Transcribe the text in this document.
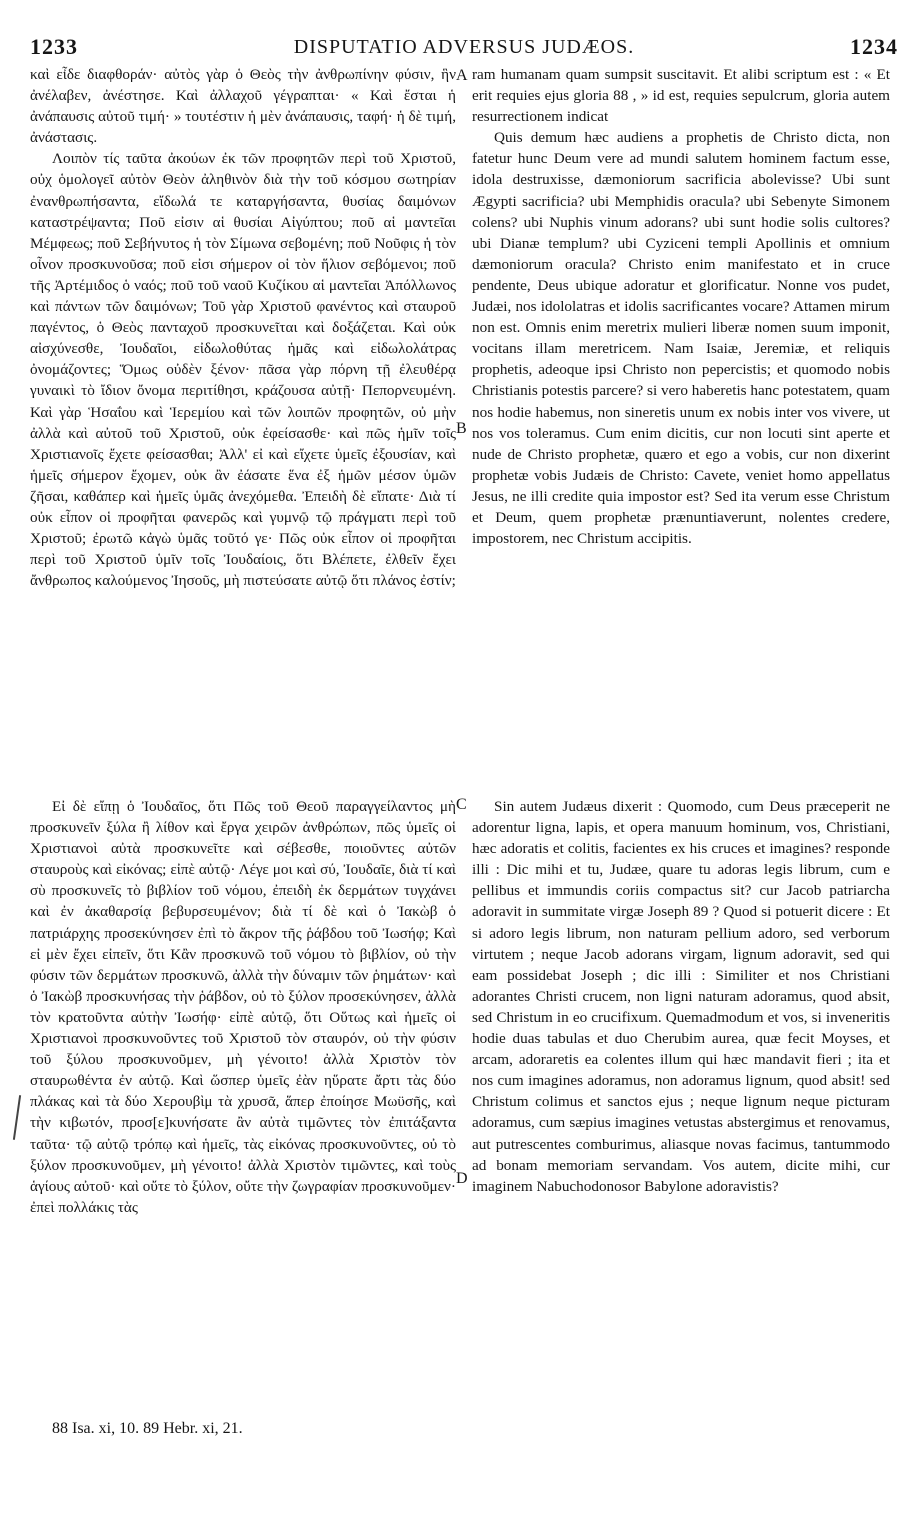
1233	DISPUTATIO ADVERSUS JUDÆOS.	1234

καὶ εἶδε διαφθοράν· αὐτὸς γὰρ ὁ Θεὸς τὴν ἀνθρωπίνην φύσιν, ἣν ἀνέλαβεν, ἀνέστησε. Καὶ ἀλλαχοῦ γέγραπται· « Καὶ ἔσται ἡ ἀνάπαυσις αὐτοῦ τιμή· » τουτέστιν ἡ μὲν ἀνάπαυσις, ταφή· ἡ δὲ τιμή, ἀνάστασις.

Λοιπὸν τίς ταῦτα ἀκούων ἐκ τῶν προφητῶν περὶ τοῦ Χριστοῦ, οὐχ ὁμολογεῖ αὐτὸν Θεὸν ἀληθινὸν διὰ τὴν τοῦ κόσμου σωτηρίαν ἐνανθρωπήσαντα, εἴδωλά τε καταργήσαντα, θυσίας δαιμόνων καταστρέψαντα; Ποῦ εἰσιν αἱ θυσίαι Αἰγύπτου; ποῦ αἱ μαντεῖαι Μέμφεως; ποῦ Σεβήνυτος ἡ τὸν Σίμωνα σεβομένη; ποῦ Νοῦφις ἡ τὸν οἶνον προσκυνοῦσα; ποῦ εἰσι σήμερον οἱ τὸν ἥλιον σεβόμενοι; ποῦ τῆς Ἀρτέμιδος ὁ ναός; ποῦ τοῦ ναοῦ Κυζίκου αἱ μαντεῖαι Ἀπόλλωνος καὶ πάντων τῶν δαιμόνων; Τοῦ γὰρ Χριστοῦ φανέντος καὶ σταυροῦ παγέντος, ὁ Θεὸς πανταχοῦ προσκυνεῖται καὶ δοξάζεται. Καὶ οὐκ αἰσχύνεσθε, Ἰουδαῖοι, εἰδωλοθύτας ἡμᾶς καὶ εἰδωλολάτρας ὀνομάζοντες; Ὅμως οὐδὲν ξένον· πᾶσα γὰρ πόρνη τῇ ἐλευθέρᾳ γυναικὶ τὸ ἴδιον ὄνομα περιτίθησι, κράζουσα αὐτῇ· Πεπορνευμένη. Καὶ γὰρ Ἡσαΐου καὶ Ἱερεμίου καὶ τῶν λοιπῶν προφητῶν, οὐ μὴν ἀλλὰ καὶ αὐτοῦ τοῦ Χριστοῦ, οὐκ ἐφείσασθε· καὶ πῶς ἡμῖν τοῖς Χριστιανοῖς ἔχετε φείσασθαι; Ἀλλ' εἰ καὶ εἴχετε ὑμεῖς ἐξουσίαν, καὶ ἡμεῖς σήμερον ἔχομεν, οὐκ ἂν ἐάσατε ἕνα ἐξ ἡμῶν μέσον ὑμῶν ζῆσαι, καθάπερ καὶ ἡμεῖς ὑμᾶς ἀνεχόμεθα. Ἐπειδὴ δὲ εἴπατε· Διὰ τί οὐκ εἶπον οἱ προφῆται φανερῶς καὶ γυμνῷ τῷ πράγματι περὶ τοῦ Χριστοῦ; ἐρωτῶ κἀγὼ ὑμᾶς τοῦτό γε· Πῶς οὐκ εἶπον οἱ προφῆται περὶ τοῦ Χριστοῦ ὑμῖν τοῖς Ἰουδαίοις, ὅτι Βλέπετε, ἐλθεῖν ἔχει ἄνθρωπος καλούμενος Ἰησοῦς, μὴ πιστεύσατε αὐτῷ ὅτι πλάνος ἐστίν;

ram humanam quam sumpsit suscitavit. Et alibi scriptum est : « Et erit requies ejus gloria 88 , » id est, requies sepulcrum, gloria autem resurrectionem indicat

Quis demum hæc audiens a prophetis de Christo dicta, non fatetur hunc Deum vere ad mundi salutem hominem factum esse, idola destruxisse, dæmoniorum sacrificia abolevisse? Ubi sunt Ægypti sacrificia? ubi Memphidis oracula? ubi Sebenyte Simonem colens? ubi Nuphis vinum adorans? ubi sunt hodie solis cultores? ubi Dianæ templum? ubi Cyziceni templi Apollinis et omnium dæmoniorum oracula? Christo enim manifestato et in cruce pendente, Deus ubique adoratur et glorificatur. Nonne vos pudet, Judæi, nos idololatras et idolis sacrificantes vocare? Attamen mirum non est. Omnis enim meretrix mulieri liberæ nomen suum imponit, vocitans illam meretricem. Nam Isaiæ, Jeremiæ, et reliquis prophetis, adeoque ipsi Christo non pepercistis; et quomodo nobis Christianis potestis parcere? si vero haberetis hanc potestatem, quam nos hodie habemus, non sineretis unum ex nobis inter vos vivere, ut nos vos toleramus. Cum enim dicitis, cur non locuti sint aperte et nude de Christo prophetæ, quæro et ego a vobis, cur non dixerint prophetæ vobis Judæis de Christo: Cavete, veniet homo appellatus Jesus, ne illi credite quia impostor est? Sed ita verum esse Christum et Deum, quem prophetæ prænuntiaverunt, nolentes credere, impostorem, nec Christum accipitis.

Εἰ δὲ εἴπῃ ὁ Ἰουδαῖος, ὅτι Πῶς τοῦ Θεοῦ παραγγείλαντος μὴ προσκυνεῖν ξύλα ἢ λίθον καὶ ἔργα χειρῶν ἀνθρώπων, πῶς ὑμεῖς οἱ Χριστιανοὶ αὐτὰ προσκυνεῖτε καὶ σέβεσθε, ποιοῦντες αὐτῶν σταυροὺς καὶ εἰκόνας; εἰπὲ αὐτῷ· Λέγε μοι καὶ σύ, Ἰουδαῖε, διὰ τί καὶ σὺ προσκυνεῖς τὸ βιβλίον τοῦ νόμου, ἐπειδὴ ἐκ δερμάτων τυγχάνει καὶ ἐν ἀκαθαρσίᾳ βεβυρσευμένον; διὰ τί δὲ καὶ ὁ Ἰακὼβ ὁ πατριάρχης προσεκύνησεν ἐπὶ τὸ ἄκρον τῆς ῥάβδου τοῦ Ἰωσήφ; Καὶ εἰ μὲν ἔχει εἰπεῖν, ὅτι Κἂν προσκυνῶ τοῦ νόμου τὸ βιβλίον, οὐ τὴν φύσιν τῶν δερμάτων προσκυνῶ, ἀλλὰ τὴν δύναμιν τῶν ῥημάτων· καὶ ὁ Ἰακὼβ προσκυνήσας τὴν ῥάβδον, οὐ τὸ ξύλον προσεκύνησεν, ἀλλὰ τὸν κρατοῦντα αὐτὴν Ἰωσήφ· εἰπὲ αὐτῷ, ὅτι Οὕτως καὶ ἡμεῖς οἱ Χριστιανοὶ προσκυνοῦντες τοῦ Χριστοῦ τὸν σταυρόν, οὐ τὴν φύσιν τοῦ ξύλου προσκυνοῦμεν, μὴ γένοιτο! ἀλλὰ Χριστὸν τὸν σταυρωθέντα ἐν αὐτῷ. Καὶ ὥσπερ ὑμεῖς ἐὰν ηὕρατε ἄρτι τὰς δύο πλάκας καὶ τὰ δύο Χερουβὶμ τὰ χρυσᾶ, ἅπερ ἐποίησε Μωϋσῆς, καὶ τὴν κιβωτόν, προσ[ε]κυνήσατε ἂν αὐτὰ τιμῶντες τὸν ἐπιτάξαντα ταῦτα· τῷ αὐτῷ τρόπῳ καὶ ἡμεῖς, τὰς εἰκόνας προσκυνοῦντες, οὐ τὸ ξύλον προσκυνοῦμεν, μὴ γένοιτο! ἀλλὰ Χριστὸν τιμῶντες, καὶ τοὺς ἁγίους αὐτοῦ· καὶ οὔτε τὸ ξύλον, οὔτε τὴν ζωγραφίαν προσκυνοῦμεν· ἐπεὶ πολλάκις τὰς

Sin autem Judæus dixerit : Quomodo, cum Deus præceperit ne adorentur ligna, lapis, et opera manuum hominum, vos, Christiani, hæc adoratis et colitis, facientes ex his cruces et imagines? responde illi : Dic mihi et tu, Judæe, quare tu adoras legis librum, cum e pellibus et immundis coriis compactus sit? cur Jacob patriarcha adoravit in summitate virgæ Joseph 89 ? Quod si potuerit dicere : Et si adoro legis librum, non naturam pellium adoro, sed verborum virtutem ; neque Jacob adorans virgam, lignum adoravit, sed qui eam possidebat Joseph ; dic illi : Similiter et nos Christiani adorantes Christi crucem, non ligni naturam adoramus, quod absit, sed Christum in eo crucifixum. Quemadmodum et vos, si inveneritis hodie duas tabulas et duo Cherubim aurea, quæ fecit Moyses, et arcam, adoraretis ea colentes illum qui hæc mandavit fieri ; ita et nos cum imagines adoramus, non adoramus lignum, quod absit! sed Christum colimus et sanctos ejus ; neque lignum neque picturam adoramus, cum sæpius imagines vetustas abstergimus et renovamus, aut putrescentes comburimus, aliasque novas facimus, tantummodo ad bonam memoriam servandam. Vos autem, dicite mihi, cur imaginem Nabuchodonosor Babylone adoravistis?

A
B
C
D
88 Isa. xi, 10. 89 Hebr. xi, 21.
